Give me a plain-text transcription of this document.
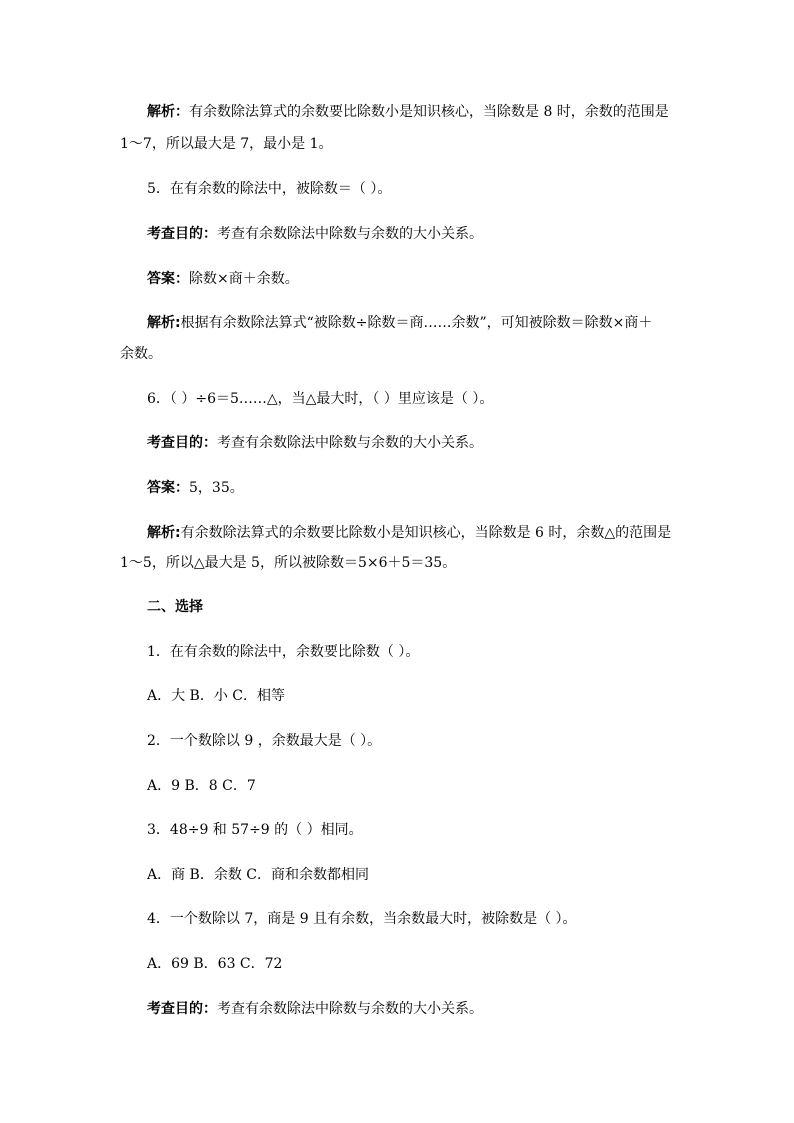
解析：有余数除法算式的余数要比除数小是知识核心，当除数是 8 时，余数的范围是
1～7，所以最大是 7，最小是 1。
5．在有余数的除法中，被除数＝（ ）。
考查目的：考查有余数除法中除数与余数的大小关系。
答案：除数×商＋余数。
解析:根据有余数除法算式“被除数÷除数＝商……余数”，可知被除数＝除数×商＋
余数。
6．（ ）÷6＝5……△，当△最大时，（ ）里应该是（ ）。
考查目的：考查有余数除法中除数与余数的大小关系。
答案：5，35。
解析:有余数除法算式的余数要比除数小是知识核心，当除数是 6 时，余数△的范围是
1～5，所以△最大是 5，所以被除数＝5×6＋5＝35。
二、选择
1．在有余数的除法中，余数要比除数（ ）。
A．大 B．小 C．相等
2．一个数除以 9 ，余数最大是（ ）。
A．9 B．8 C．7
3．48÷9 和 57÷9 的（ ）相同。
A．商 B．余数 C．商和余数都相同
4．一个数除以 7，商是 9 且有余数，当余数最大时，被除数是（ ）。
A．69 B．63 C．72
考查目的：考查有余数除法中除数与余数的大小关系。
